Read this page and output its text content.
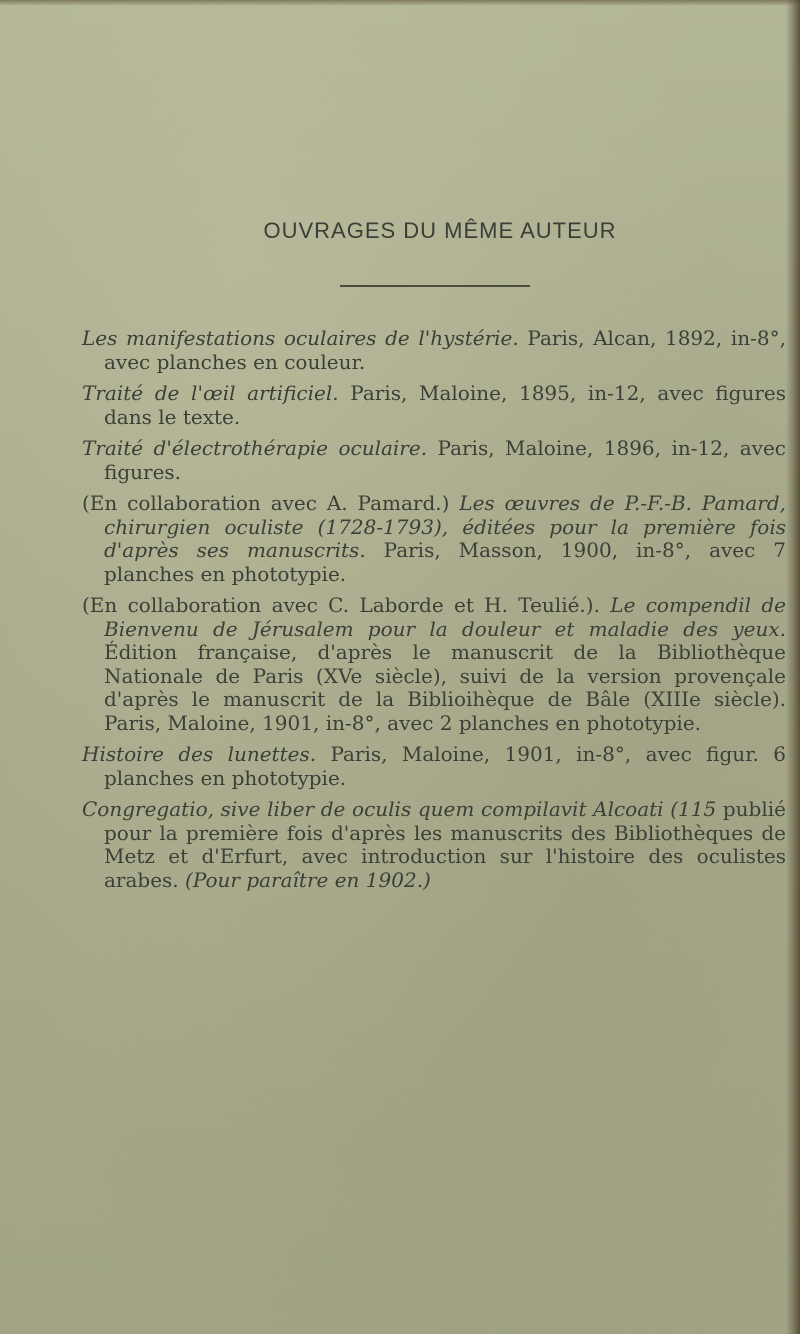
OUVRAGES DU MÊME AUTEUR

Les manifestations oculaires de l'hystérie. Paris, Alcan, 1892, in-8°, avec planches en couleur.

Traité de l'œil artificiel. Paris, Maloine, 1895, in-12, avec figures dans le texte.

Traité d'électrothérapie oculaire. Paris, Maloine, 1896, in-12, avec figures.

(En collaboration avec A. Pamard.) Les œuvres de P.-F.-B. Pamard, chirurgien oculiste (1728-1793), éditées pour la première fois d'après ses manuscrits. Paris, Masson, 1900, in-8°, avec 7 planches en phototypie.

(En collaboration avec C. Laborde et H. Teulié.). Le compendil de Bienvenu de Jérusalem pour la douleur et maladie des yeux. Édition française, d'après le manuscrit de la Bibliothèque Nationale de Paris (XVe siècle), suivi de la version provençale d'après le manuscrit de la Biblioihèque de Bâle (XIIIe siècle). Paris, Maloine, 1901, in-8°, avec 2 planches en phototypie.

Histoire des lunettes. Paris, Maloine, 1901, in-8°, avec figur. 6 planches en phototypie.

Congregatio, sive liber de oculis quem compilavit Alcoati (115 publié pour la première fois d'après les manuscrits des Bibliothèques de Metz et d'Erfurt, avec introduction sur l'histoire des oculistes arabes. (Pour paraître en 1902.)
